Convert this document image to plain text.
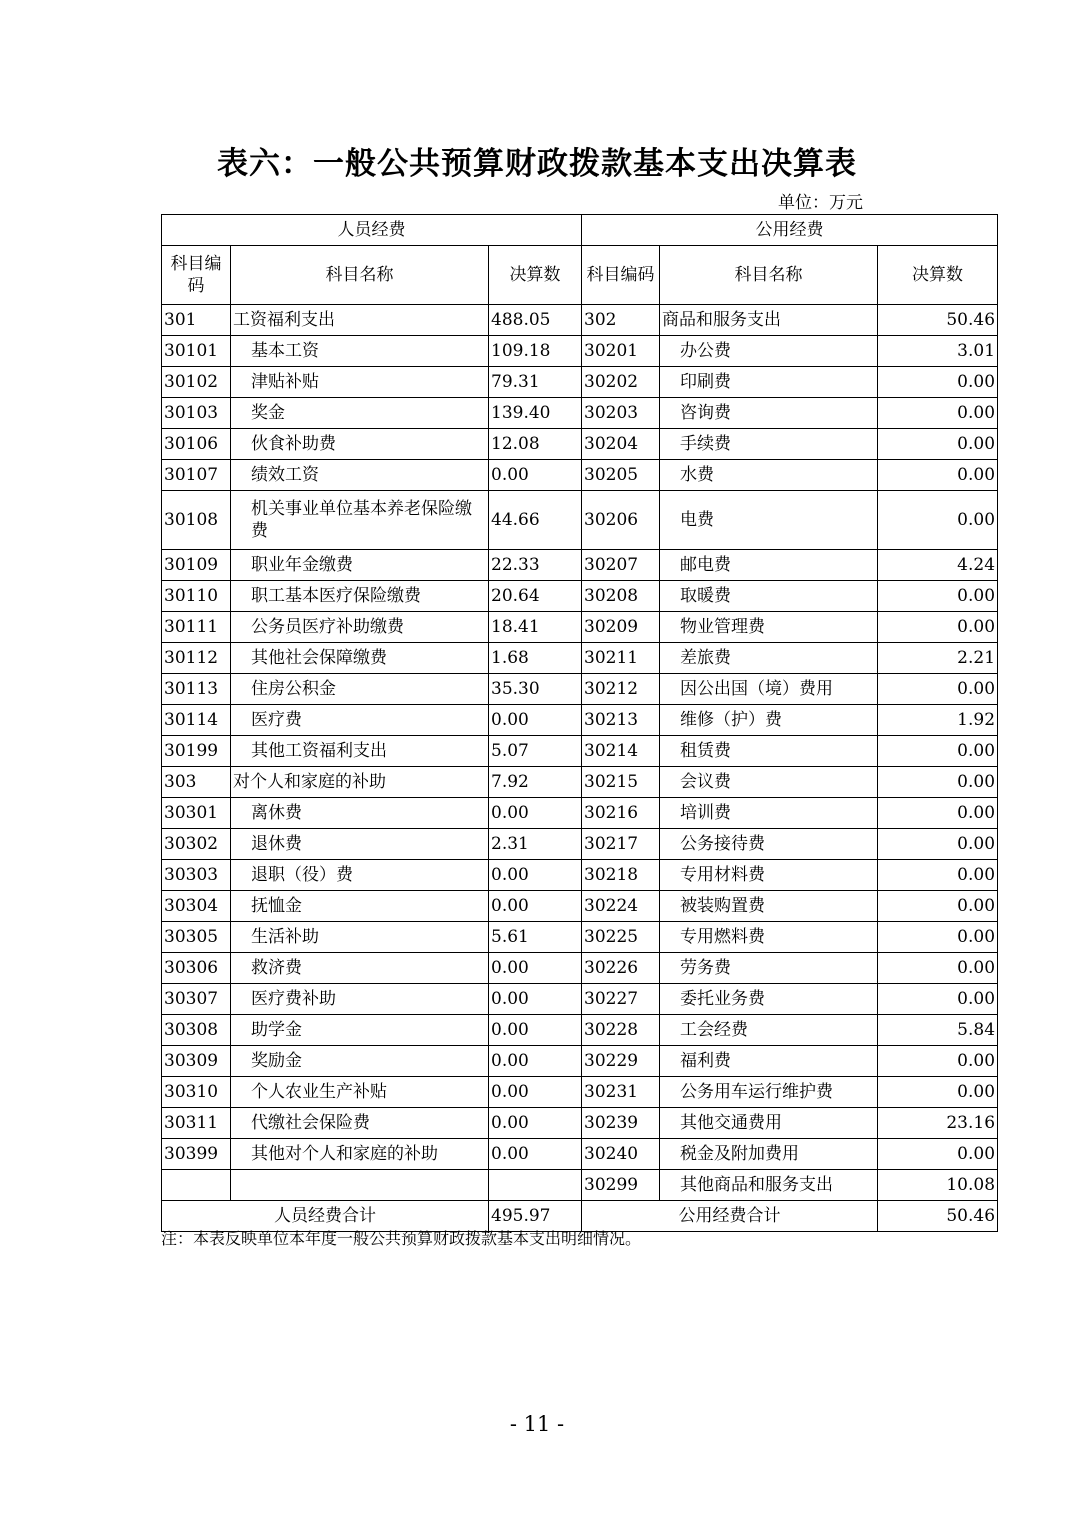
表六：一般公共预算财政拨款基本支出决算表
单位：万元
人员经费			公用经费		
科目编码	科目名称	决算数	科目编码	科目名称	决算数
301	工资福利支出	488.05	302	商品和服务支出	50.46
30101	基本工资	109.18	30201	办公费	3.01
30102	津贴补贴	79.31	30202	印刷费	0.00
30103	奖金	139.40	30203	咨询费	0.00
30106	伙食补助费	12.08	30204	手续费	0.00
30107	绩效工资	0.00	30205	水费	0.00
30108	机关事业单位基本养老保险缴费	44.66	30206	电费	0.00
30109	职业年金缴费	22.33	30207	邮电费	4.24
30110	职工基本医疗保险缴费	20.64	30208	取暖费	0.00
30111	公务员医疗补助缴费	18.41	30209	物业管理费	0.00
30112	其他社会保障缴费	1.68	30211	差旅费	2.21
30113	住房公积金	35.30	30212	因公出国（境）费用	0.00
30114	医疗费	0.00	30213	维修（护）费	1.92
30199	其他工资福利支出	5.07	30214	租赁费	0.00
303	对个人和家庭的补助	7.92	30215	会议费	0.00
30301	离休费	0.00	30216	培训费	0.00
30302	退休费	2.31	30217	公务接待费	0.00
30303	退职（役）费	0.00	30218	专用材料费	0.00
30304	抚恤金	0.00	30224	被装购置费	0.00
30305	生活补助	5.61	30225	专用燃料费	0.00
30306	救济费	0.00	30226	劳务费	0.00
30307	医疗费补助	0.00	30227	委托业务费	0.00
30308	助学金	0.00	30228	工会经费	5.84
30309	奖励金	0.00	30229	福利费	0.00
30310	个人农业生产补贴	0.00	30231	公务用车运行维护费	0.00
30311	代缴社会保险费	0.00	30239	其他交通费用	23.16
30399	其他对个人和家庭的补助	0.00	30240	税金及附加费用	0.00
			30299	其他商品和服务支出	10.08
人员经费合计		495.97	公用经费合计		50.46
注：本表反映单位本年度一般公共预算财政拨款基本支出明细情况。
- 11 -
